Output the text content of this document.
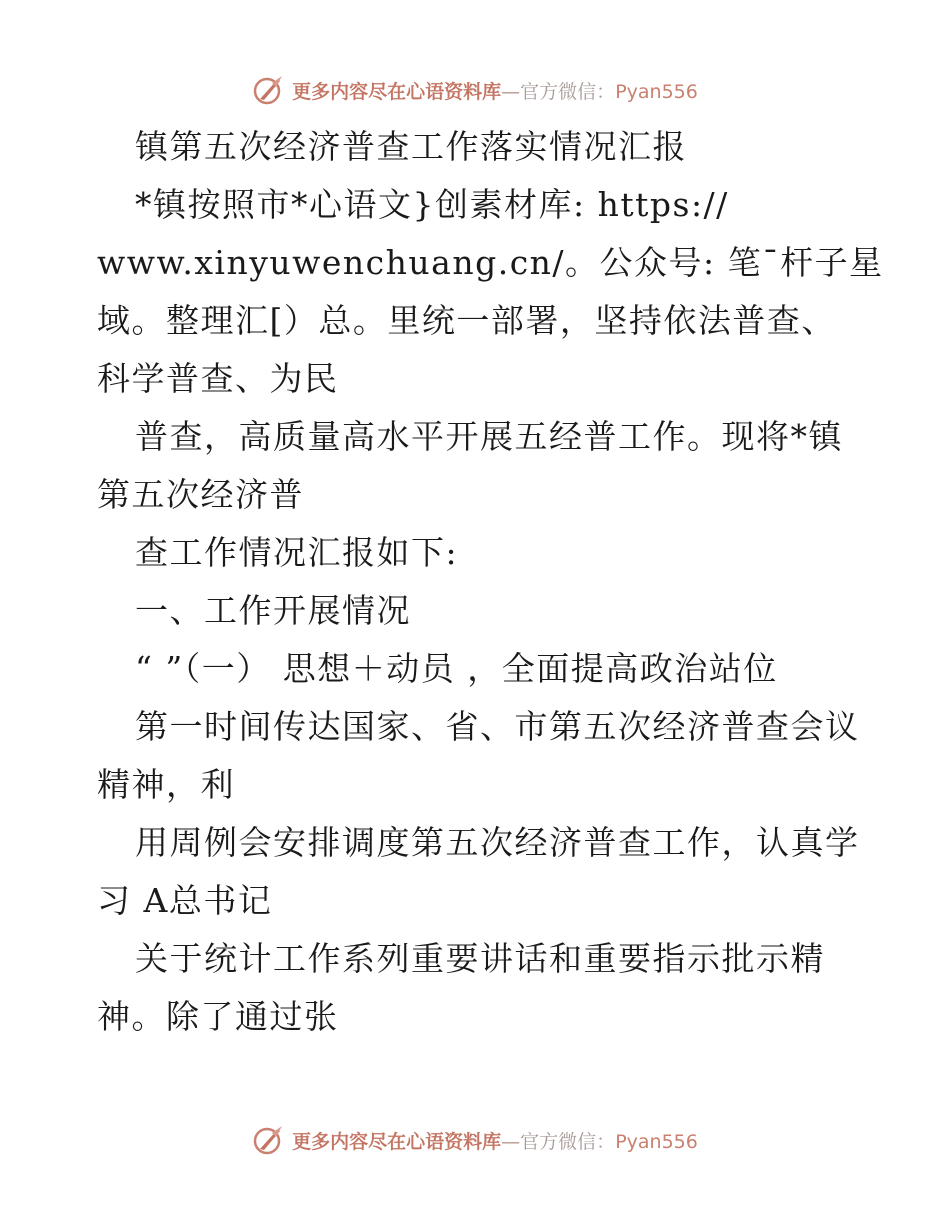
更多内容尽在心语资料库—官方微信：Pyan556
镇第五次经济普查工作落实情况汇报
*镇按照市*心语文}创素材库: https://
www.xinyuwenchuang.cn/。公众号: 笔¯杆子星
域。整理汇[）总。里统一部署，坚持依法普查、
科学普查、为民
普查，高质量高水平开展五经普工作。现将*镇
第五次经济普
查工作情况汇报如下:
一、工作开展情况
“ ”（一） 思想＋动员 ，全面提高政治站位
第一时间传达国家、省、市第五次经济普查会议
精神，利
用周例会安排调度第五次经济普查工作，认真学
习 A总书记
关于统计工作系列重要讲话和重要指示批示精
神。除了通过张
更多内容尽在心语资料库—官方微信：Pyan556
